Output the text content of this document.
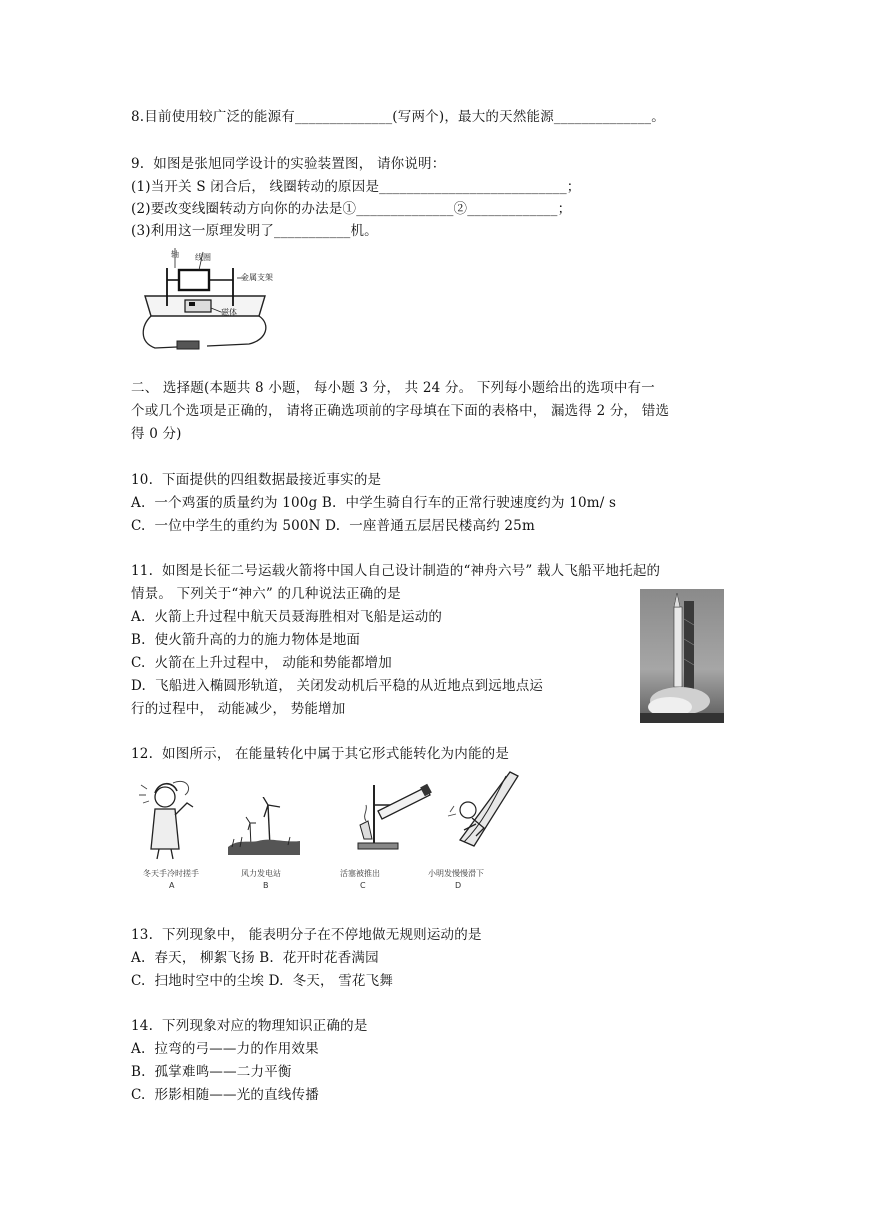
8.目前使用较广泛的能源有______________(写两个)，最大的天然能源______________。
9.  如图是张旭同学设计的实验装置图， 请你说明：
(1)当开关 S 闭合后， 线圈转动的原因是___________________________；
(2)要改变线圈转动方向你的办法是①______________②_____________；
(3)利用这一原理发明了___________机。
轴 线圈
金属支架
磁体
二、 选择题(本题共 8 小题， 每小题 3 分， 共 24 分。 下列每小题给出的选项中有一
个或几个选项是正确的， 请将正确选项前的字母填在下面的表格中， 漏选得 2 分， 错选
得 0 分)
10.  下面提供的四组数据最接近事实的是
A.  一个鸡蛋的质量约为 100g B.  中学生骑自行车的正常行驶速度约为 10m/ s
C.  一位中学生的重约为 500N D.  一座普通五层居民楼高约 25m
11.  如图是长征二号运载火箭将中国人自己设计制造的“神舟六号” 载人飞船平地托起的
情景。 下列关于“神六” 的几种说法正确的是
A.  火箭上升过程中航天员聂海胜相对飞船是运动的
B.  使火箭升高的力的施力物体是地面
C.  火箭在上升过程中， 动能和势能都增加
D.  飞船进入椭圆形轨道， 关闭发动机后平稳的从近地点到远地点运
行的过程中， 动能减少， 势能增加
12.  如图所示， 在能量转化中属于其它形式能转化为内能的是
冬天手冷时搓手
A
风力发电站
B
活塞被推出
C
小明发慢慢滑下
D
13.  下列现象中， 能表明分子在不停地做无规则运动的是
A.  春天， 柳絮飞扬 B.  花开时花香满园
C.  扫地时空中的尘埃 D.  冬天， 雪花飞舞
14.  下列现象对应的物理知识正确的是
A.  拉弯的弓——力的作用效果
B.  孤掌难鸣——二力平衡
C.  形影相随——光的直线传播
